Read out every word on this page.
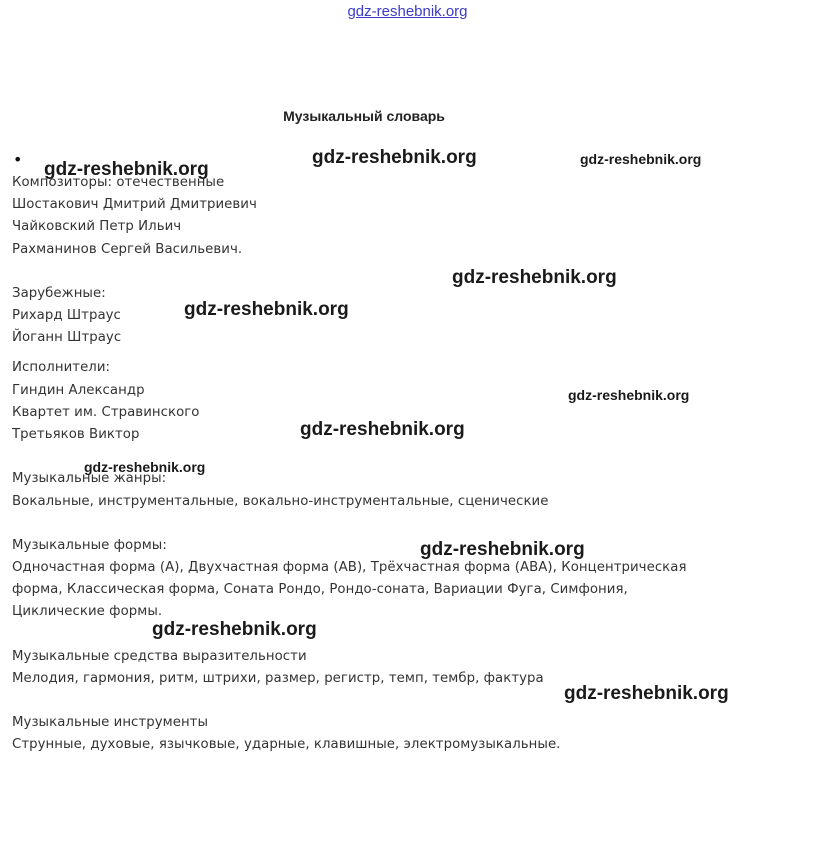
gdz-reshebnik.org
Музыкальный словарь
•
Композиторы: отечественные
Шостакович Дмитрий Дмитриевич
Чайковский Петр Ильич
Рахманинов Сергей Васильевич.
Зарубежные:
Рихард Штраус
Йоганн Штраус
Исполнители:
Гиндин Александр
Квартет им. Стравинского
Третьяков Виктор
Музыкальные жанры:
Вокальные, инструментальные, вокально-инструментальные, сценические
Музыкальные формы:
Одночастная форма (А), Двухчастная форма (АВ), Трёхчастная форма (АВА), Концентрическая
форма, Классическая форма, Соната Рондо, Рондо-соната, Вариации Фуга, Симфония,
Циклические формы.
Музыкальные средства выразительности
Мелодия, гармония, ритм, штрихи, размер, регистр, темп, тембр, фактура
Музыкальные инструменты
Струнные, духовые, язычковые, ударные, клавишные, электромузыкальные.
gdz-reshebnik.org
gdz-reshebnik.org	gdz-reshebnik.org
gdz-reshebnik.org
gdz-reshebnik.org
gdz-reshebnik.org
gdz-reshebnik.org
gdz-reshebnik.org
gdz-reshebnik.org
gdz-reshebnik.org
gdz-reshebnik.org
